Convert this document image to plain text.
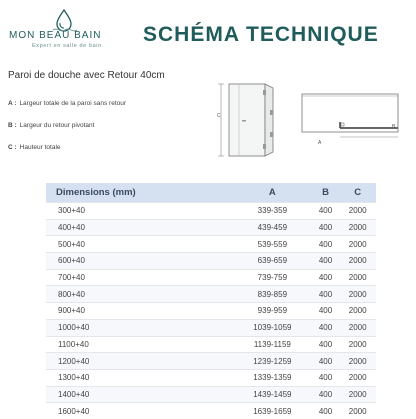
MON BEAU BAIN
Expert en salle de bain	SCHÉMA TECHNIQUE
Paroi de douche avec Retour 40cm
A : Largeur totale de la paroi sans retour
B : Largeur du retour pivotant
C : Hauteur totale
C
A
B
Dimensions (mm)	A	B	C
300+40	339-359	400	2000
400+40	439-459	400	2000
500+40	539-559	400	2000
600+40	639-659	400	2000
700+40	739-759	400	2000
800+40	839-859	400	2000
900+40	939-959	400	2000
1000+40	1039-1059	400	2000
1100+40	1139-1159	400	2000
1200+40	1239-1259	400	2000
1300+40	1339-1359	400	2000
1400+40	1439-1459	400	2000
1600+40	1639-1659	400	2000
